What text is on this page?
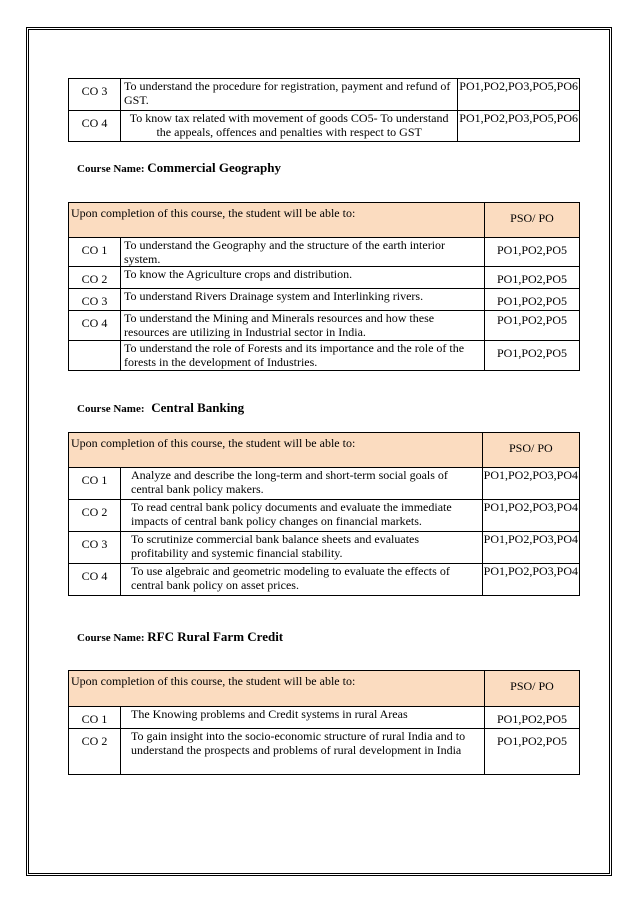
CO 3	To understand the procedure for registration, payment and refund of GST.	PO1,PO2,PO3,PO5,PO6
CO 4	To know tax related with movement of goods CO5- To understand the appeals, offences and penalties with respect to GST	PO1,PO2,PO3,PO5,PO6
Course Name: Commercial Geography
Upon completion of this course, the student will be able to:		PSO/ PO
CO 1	To understand the Geography and the structure of the earth interior system.	PO1,PO2,PO5
CO 2	To know the Agriculture crops and distribution.	PO1,PO2,PO5
CO 3	To understand Rivers Drainage system and Interlinking rivers.	PO1,PO2,PO5
CO 4	To understand the Mining and Minerals resources and how these resources are utilizing in Industrial sector in India.	PO1,PO2,PO5
	To understand the role of Forests and its importance and the role of the forests in the development of Industries.	PO1,PO2,PO5
Course Name: Central Banking
Upon completion of this course, the student will be able to:		PSO/ PO
CO 1	Analyze and describe the long-term and short-term social goals of central bank policy makers.	PO1,PO2,PO3,PO4
CO 2	To read central bank policy documents and evaluate the immediate impacts of central bank policy changes on financial markets.	PO1,PO2,PO3,PO4
CO 3	To scrutinize commercial bank balance sheets and evaluates profitability and systemic financial stability.	PO1,PO2,PO3,PO4
CO 4	To use algebraic and geometric modeling to evaluate the effects of central bank policy on asset prices.	PO1,PO2,PO3,PO4
Course Name: RFC Rural Farm Credit
Upon completion of this course, the student will be able to:		PSO/ PO
CO 1	The Knowing problems and Credit systems in rural Areas	PO1,PO2,PO5
CO 2	To gain insight into the socio-economic structure of rural India and to understand the prospects and problems of rural development in India	PO1,PO2,PO5
